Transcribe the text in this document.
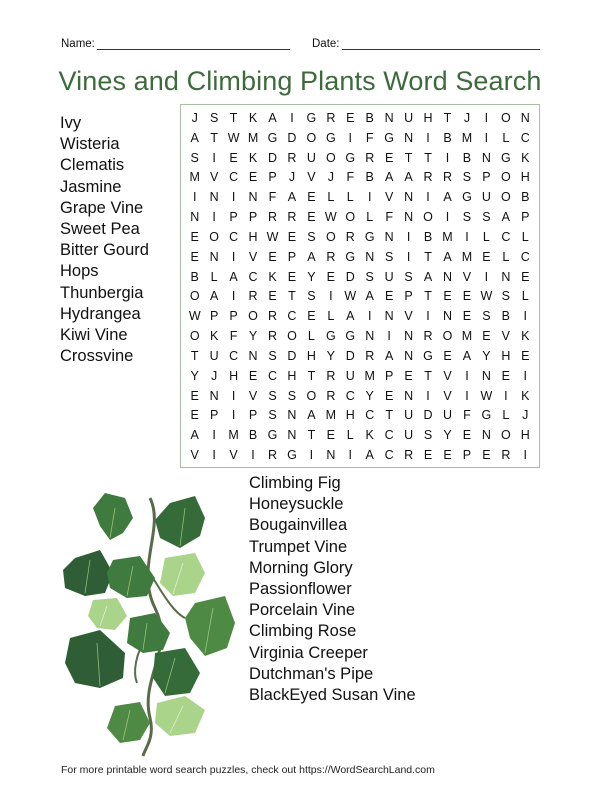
Name:	Date:
Vines and Climbing Plants Word Search
J S T K A	I	G R E B N U H T	J	I	O N
A T W M G D O G	I	F G N	I	B M	I	L C
S	I	E K D R U O G R E T T	I	B N G K
M V C E P J V J	F B A A R R S P O H
I	N	I	N F A E L	L	I	V N	I	A G U O B
N	I	P P R R E W O L F N O	I	S S A P
E O C H W E S O R G N	I	B M I	L C L
E N	I	V E P A R G N S	I	T A M E L C
B L A C K E Y E D S U S A N V	I	N E
O A	I	R E T S	I W A E P T E E W S L
W P P O R C E L A	I	N V	I	N E S B	I
O K F Y R O L G G N	I	N R O M E V K
T U C N S D H Y D R A N G E A Y H E
Y J H E C H T R U M P E T V	I	N E	I
E N	I	V S S O R C Y E N	I	V	I W I	K
E P	I	P S N A M H C T U D U F G L	J
A	I	M B G N T E L K C U S Y E N O H
V	I	V	I	R G	I	N	I	A C R E E P E R	I
Ivy
Wisteria
Clematis
Jasmine
Grape Vine
Sweet Pea
Bitter Gourd
Hops
Thunbergia
Hydrangea
Kiwi Vine
Crossvine
Climbing Fig
Honeysuckle
Bougainvillea
Trumpet Vine
Morning Glory
Passionflower
Porcelain Vine
Climbing Rose
Virginia Creeper
Dutchman's Pipe
BlackEyed Susan Vine
For more printable word search puzzles, check out https://WordSearchLand.com
